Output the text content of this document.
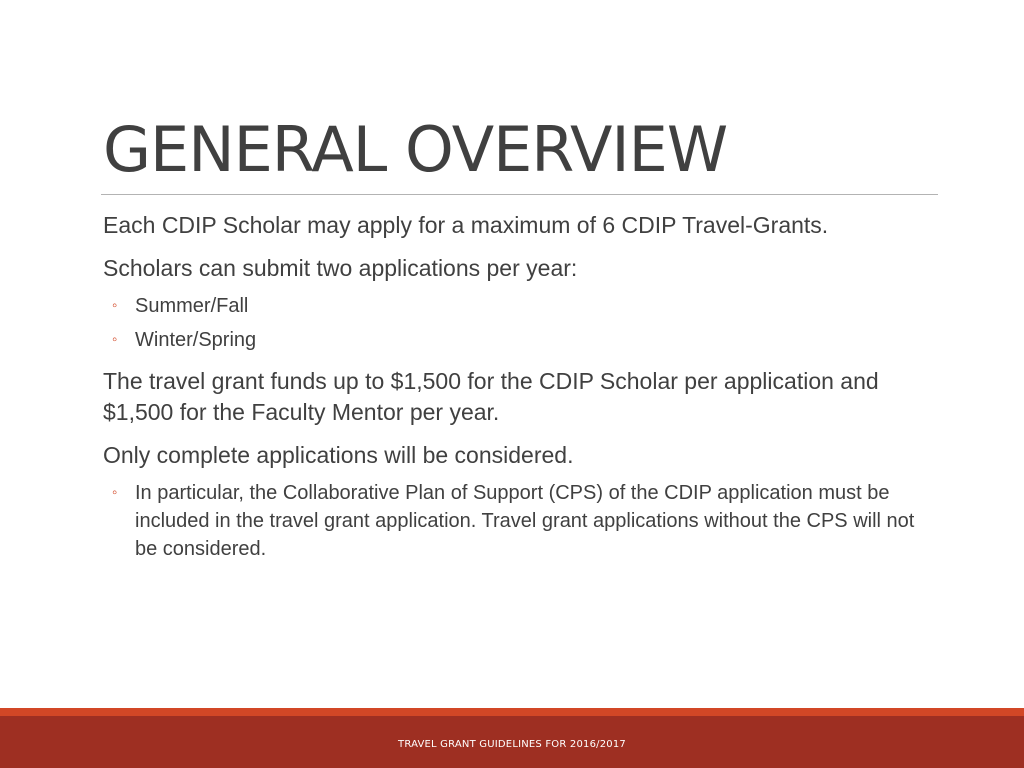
GENERAL OVERVIEW

Each CDIP Scholar may apply for a maximum of 6 CDIP Travel-Grants.

Scholars can submit two applications per year:

◦ Summer/Fall
◦ Winter/Spring

The travel grant funds up to $1,500 for the CDIP Scholar per application and $1,500 for the Faculty Mentor per year.

Only complete applications will be considered.

◦ In particular, the Collaborative Plan of Support (CPS) of the CDIP application must be included in the travel grant application. Travel grant applications without the CPS will not be considered.
TRAVEL GRANT GUIDELINES FOR 2016/2017
